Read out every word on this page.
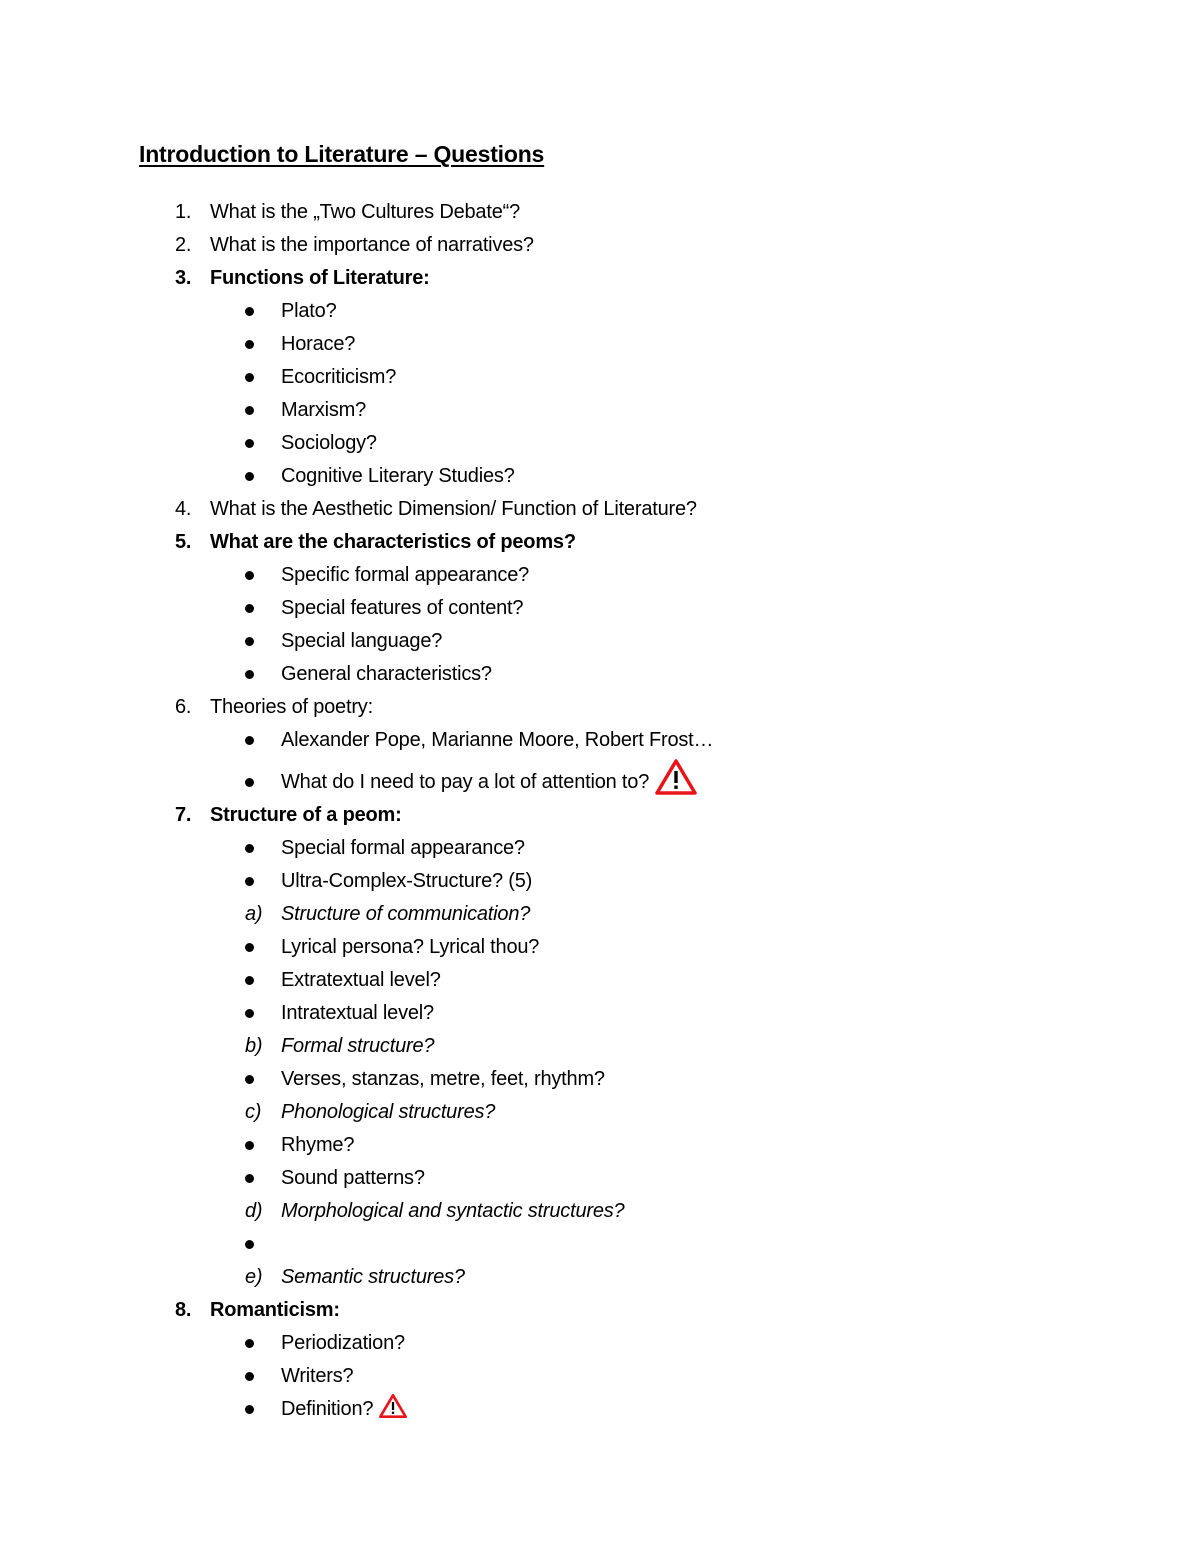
Introduction to Literature – Questions
1. What is the „Two Cultures Debate“?
2. What is the importance of narratives?
3. Functions of Literature:
Plato?
Horace?
Ecocriticism?
Marxism?
Sociology?
Cognitive Literary Studies?
4. What is the Aesthetic Dimension/ Function of Literature?
5. What are the characteristics of peoms?
Specific formal appearance?
Special features of content?
Special language?
General characteristics?
6. Theories of poetry:
Alexander Pope, Marianne Moore, Robert Frost…
What do I need to pay a lot of attention to?
7. Structure of a peom:
Special formal appearance?
Ultra-Complex-Structure? (5)
a) Structure of communication?
Lyrical persona? Lyrical thou?
Extratextual level?
Intratextual level?
b) Formal structure?
Verses, stanzas, metre, feet, rhythm?
c) Phonological structures?
Rhyme?
Sound patterns?
d) Morphological and syntactic structures?
e) Semantic structures?
8. Romanticism:
Periodization?
Writers?
Definition?
